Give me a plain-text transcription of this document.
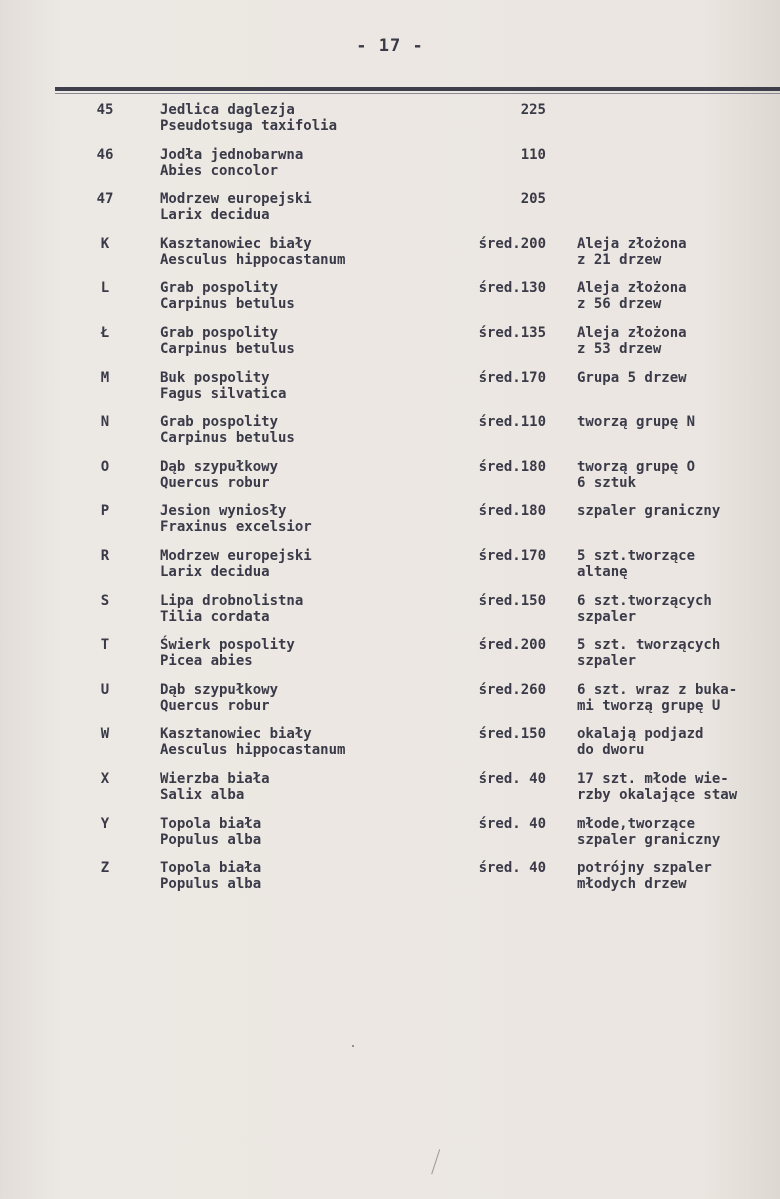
- 17 -
45	Jedlica daglezja
Pseudotsuga taxifolia
225
46	Jodła jednobarwna
Abies concolor
110
47	Modrzew europejski
Larix decidua
205
K	Kasztanowiec biały
Aesculus hippocastanum
śred.200 Aleja złożona
z 21 drzew
L	Grab pospolity
Carpinus betulus
śred.130 Aleja złożona
z 56 drzew
Ł	Grab pospolity
Carpinus betulus
śred.135 Aleja złożona
z 53 drzew
M	Buk pospolity
Fagus silvatica
śred.170 Grupa 5 drzew
N	Grab pospolity
Carpinus betulus
śred.110 tworzą grupę N
O	Dąb szypułkowy
Quercus robur
śred.180 tworzą grupę O
6 sztuk
P	Jesion wyniosły
Fraxinus excelsior
śred.180 szpaler graniczny
R	Modrzew europejski
Larix decidua
śred.170 5 szt.tworzące
altanę
S	Lipa drobnolistna
Tilia cordata
śred.150 6 szt.tworzących
szpaler
T	Świerk pospolity
Picea abies
śred.200 5 szt. tworzących
szpaler
U	Dąb szypułkowy
Quercus robur
śred.260 6 szt. wraz z buka-
mi tworzą grupę U
W	Kasztanowiec biały
Aesculus hippocastanum
śred.150 okalają podjazd
do dworu
X	Wierzba biała
Salix alba
śred. 40 17 szt. młode wie-
rzby okalające staw
Y	Topola biała
Populus alba
śred. 40 młode,tworzące
szpaler graniczny
Z	Topola biała
Populus alba
śred. 40 potrójny szpaler
młodych drzew
